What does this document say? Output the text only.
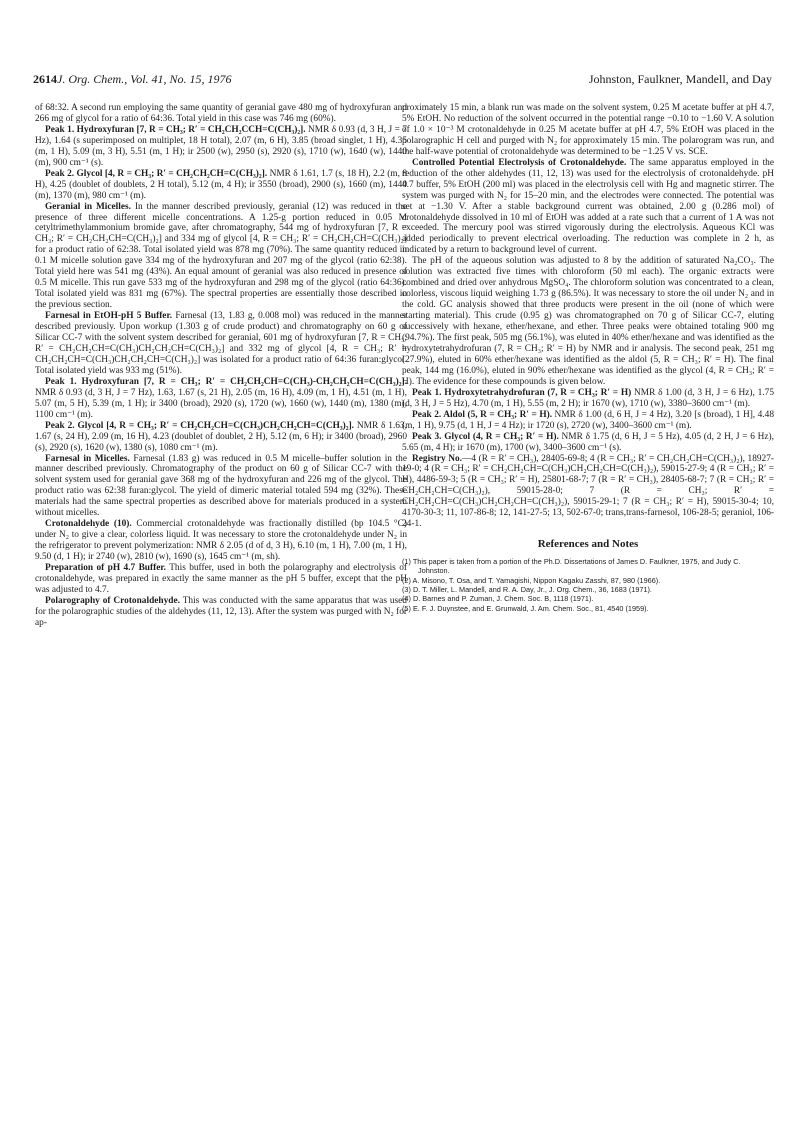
2614 J. Org. Chem., Vol. 41, No. 15, 1976	Johnston, Faulkner, Mandell, and Day

of 68:32. A second run employing the same quantity of geranial gave 480 mg of hydroxyfuran and 266 mg of glycol for a ratio of 64:36. Total yield in this case was 746 mg (60%).

Peak 1. Hydroxyfuran [7, R = CH₃; R′ = CH₂CH₂CCH=C(CH₃)₂]. NMR δ 0.93 (d, 3 H, J = 7 Hz), 1.64 (s superimposed on multiplet, 18 H total), 2.07 (m, 6 H), 3.85 (broad singlet, 1 H), 4.35 (m, 1 H), 5.09 (m, 3 H), 5.51 (m, 1 H); ir 2500 (w), 2950 (s), 2920 (s), 1710 (w), 1640 (w), 1440 (m), 900 cm⁻¹ (s).

Peak 2. Glycol [4, R = CH₃; R′ = CH₂CH₂CH=C(CH₃)₂]. NMR δ 1.61, 1.7 (s, 18 H), 2.2 (m, 8 H), 4.25 (doublet of doublets, 2 H total), 5.12 (m, 4 H); ir 3550 (broad), 2900 (s), 1660 (m), 1440 (m), 1370 (m), 980 cm⁻¹ (m).

Geranial in Micelles. In the manner described previously, geranial (12) was reduced in the presence of three different micelle concentrations. A 1.25-g portion reduced in 0.05 M cetyltrimethylammonium bromide gave, after chromatography, 544 mg of hydroxyfuran [7, R = CH₃; R′ = CH₂CH₂CH=C(CH₃)₂] and 334 mg of glycol [4, R = CH₃; R′ = CH₂CH₂CH=C(CH₃)₂] for a product ratio of 62:38. Total isolated yield was 878 mg (70%). The same quantity reduced in 0.1 M micelle solution gave 334 mg of the hydroxyfuran and 207 mg of the glycol (ratio 62:38). Total yield here was 541 mg (43%). An equal amount of geranial was also reduced in presence of 0.5 M micelle. This run gave 533 mg of the hydroxyfuran and 298 mg of the glycol (ratio 64:36). Total isolated yield was 831 mg (67%). The spectral properties are essentially those described in the previous section.

Farnesal in EtOH-pH 5 Buffer. Farnesal (13, 1.83 g, 0.008 mol) was reduced in the manner described previously. Upon workup (1.303 g of crude product) and chromatography on 60 g of Silicar CC-7 with the solvent system described for geranial, 601 mg of hydroxyfuran [7, R = CH₃; R′ = CH₂CH₂CH=C(CH₃)CH₂CH₂CH=C(CH₃)₂] and 332 mg of glycol [4, R = CH₃; R′ = CH₂CH₂CH=C(CH₃)CH₂CH₂CH=C(CH₃)₂] was isolated for a product ratio of 64:36 furan:glycol. Total isolated yield was 933 mg (51%).

Peak 1. Hydroxyfuran [7, R = CH₃; R′ = CH₂CH₂CH=C(CH₃)-CH₂CH₂CH=C(CH₃)₂]. NMR δ 0.93 (d, 3 H, J = 7 Hz), 1.63, 1.67 (s, 21 H), 2.05 (m, 16 H), 4.09 (m, 1 H), 4.51 (m, 1 H), 5.07 (m, 5 H), 5.39 (m, 1 H); ir 3400 (broad), 2920 (s), 1720 (w), 1660 (w), 1440 (m), 1380 (m), 1100 cm⁻¹ (m).

Peak 2. Glycol [4, R = CH₃; R′ = CH₂CH₂CH=C(CH₃)CH₂CH₂CH=C(CH₃)₂]. NMR δ 1.63, 1.67 (s, 24 H), 2.09 (m, 16 H), 4.23 (doublet of doublet, 2 H), 5.12 (m, 6 H); ir 3400 (broad), 2960 (s), 2920 (s), 1620 (w), 1380 (s), 1080 cm⁻¹ (m).

Farnesal in Micelles. Farnesal (1.83 g) was reduced in 0.5 M micelle–buffer solution in the manner described previously. Chromatography of the product on 60 g of Silicar CC-7 with the solvent system used for geranial gave 368 mg of the hydroxyfuran and 226 mg of the glycol. The product ratio was 62:38 furan:glycol. The yield of dimeric material totaled 594 mg (32%). These materials had the same spectral properties as described above for materials produced in a system without micelles.

Crotonaldehyde (10). Commercial crotonaldehyde was fractionally distilled (bp 104.5 °C) under N₂ to give a clear, colorless liquid. It was necessary to store the crotonaldehyde under N₂ in the refrigerator to prevent polymerization: NMR δ 2.05 (d of d, 3 H), 6.10 (m, 1 H), 7.00 (m, 1 H), 9.50 (d, 1 H); ir 2740 (w), 2810 (w), 1690 (s), 1645 cm⁻¹ (m, sh).

Preparation of pH 4.7 Buffer. This buffer, used in both the polarography and electrolysis of crotonaldehyde, was prepared in exactly the same manner as the pH 5 buffer, except that the pH was adjusted to 4.7.

Polarography of Crotonaldehyde. This was conducted with the same apparatus that was used for the polarographic studies of the aldehydes (11, 12, 13). After the system was purged with N₂ for ap-

proximately 15 min, a blank run was made on the solvent system, 0.25 M acetate buffer at pH 4.7, 5% EtOH. No reduction of the solvent occurred in the potential range −0.10 to −1.60 V. A solution of 1.0 × 10⁻³ M crotonaldehyde in 0.25 M acetate buffer at pH 4.7, 5% EtOH was placed in the polarographic H cell and purged with N₂ for approximately 15 min. The polarogram was run, and the half-wave potential of crotonaldehyde was determined to be −1.25 V vs. SCE.

Controlled Potential Electrolysis of Crotonaldehyde. The same apparatus employed in the reduction of the other aldehydes (11, 12, 13) was used for the electrolysis of crotonaldehyde. pH 4.7 buffer, 5% EtOH (200 ml) was placed in the electrolysis cell with Hg and magnetic stirrer. The system was purged with N₂ for 15–20 min, and the electrodes were connected. The potential was set at −1.30 V. After a stable background current was obtained, 2.00 g (0.286 mol) of crotonaldehyde dissolved in 10 ml of EtOH was added at a rate such that a current of 1 A was not exceeded. The mercury pool was stirred vigorously during the electrolysis. Aqueous KCl was added periodically to prevent electrical overloading. The reduction was complete in 2 h, as indicated by a return to background level of current.

The pH of the aqueous solution was adjusted to 8 by the addition of saturated Na₂CO₃. The solution was extracted five times with chloroform (50 ml each). The organic extracts were combined and dried over anhydrous MgSO₄. The chloroform solution was concentrated to a clean, colorless, viscous liquid weighing 1.73 g (86.5%). It was necessary to store the oil under N₂ and in the cold. GC analysis showed that three products were present in the oil (none of which were starting material). This crude (0.95 g) was chromatographed on 70 g of Silicar CC-7, eluting successively with hexane, ether/hexane, and ether. Three peaks were obtained totaling 900 mg (94.7%). The first peak, 505 mg (56.1%), was eluted in 40% ether/hexane and was identified as the hydroxytetrahydrofuran (7, R = CH₃; R′ = H) by NMR and ir analysis. The second peak, 251 mg (27.9%), eluted in 60% ether/hexane was identified as the aldol (5, R = CH₃; R′ = H). The final peak, 144 mg (16.0%), eluted in 90% ether/hexane was identified as the glycol (4, R = CH₃; R′ = H). The evidence for these compounds is given below.

Peak 1. Hydroxytetrahydrofuran (7, R = CH₃; R′ = H) NMR δ 1.00 (d, 3 H, J = 6 Hz), 1.75 (d, 3 H, J = 5 Hz), 4.70 (m, 1 H), 5.55 (m, 2 H); ir 1670 (w), 1710 (w), 3380–3600 cm⁻¹ (m).

Peak 2. Aldol (5, R = CH₃; R′ = H). NMR δ 1.00 (d, 6 H, J = 4 Hz), 3.20 [s (broad), 1 H], 4.48 (m, 1 H), 9.75 (d, 1 H, J = 4 Hz); ir 1720 (s), 2720 (w), 3400–3600 cm⁻¹ (m).

Peak 3. Glycol (4, R = CH₃; R′ = H). NMR δ 1.75 (d, 6 H, J = 5 Hz), 4.05 (d, 2 H, J = 6 Hz), 5.65 (m, 4 H); ir 1670 (m), 1700 (w), 3400–3600 cm⁻¹ (s).

Registry No.—4 (R = R′ = CH₃), 28405-69-8; 4 (R = CH₃; R′ = CH₂CH₂CH=C(CH₃)₂), 18927-19-0; 4 (R = CH₃; R′ = CH₂CH₂CH=C(CH₃)CH₂CH₂CH=C(CH₃)₂), 59015-27-9; 4 (R = CH₃; R′ = H), 4486-59-3; 5 (R = CH₃; R′ = H), 25801-68-7; 7 (R = R′ = CH₃), 28405-68-7; 7 (R = CH₃; R′ = CH₂CH₂CH=C(CH₃)₂), 59015-28-0; 7 (R = CH₃; R′ = CH₂CH₂CH=C(CH₃)CH₂CH₂CH=C(CH₃)₂), 59015-29-1; 7 (R = CH₃; R′ = H), 59015-30-4; 10, 4170-30-3; 11, 107-86-8; 12, 141-27-5; 13, 502-67-0; trans,trans-farnesol, 106-28-5; geraniol, 106-24-1.

References and Notes
(1) This paper is taken from a portion of the Ph.D. Dissertations of James D. Faulkner, 1975, and Judy C. Johnston.
(2) A. Misono, T. Osa, and T. Yamagishi, Nippon Kagaku Zasshi, 87, 980 (1966).
(3) D. T. Miller, L. Mandell, and R. A. Day, Jr., J. Org. Chem., 36, 1683 (1971).
(4) D. Barnes and P. Zuman, J. Chem. Soc. B, 1118 (1971).
(5) E. F. J. Duynstee, and E. Grunwald, J. Am. Chem. Soc., 81, 4540 (1959).
